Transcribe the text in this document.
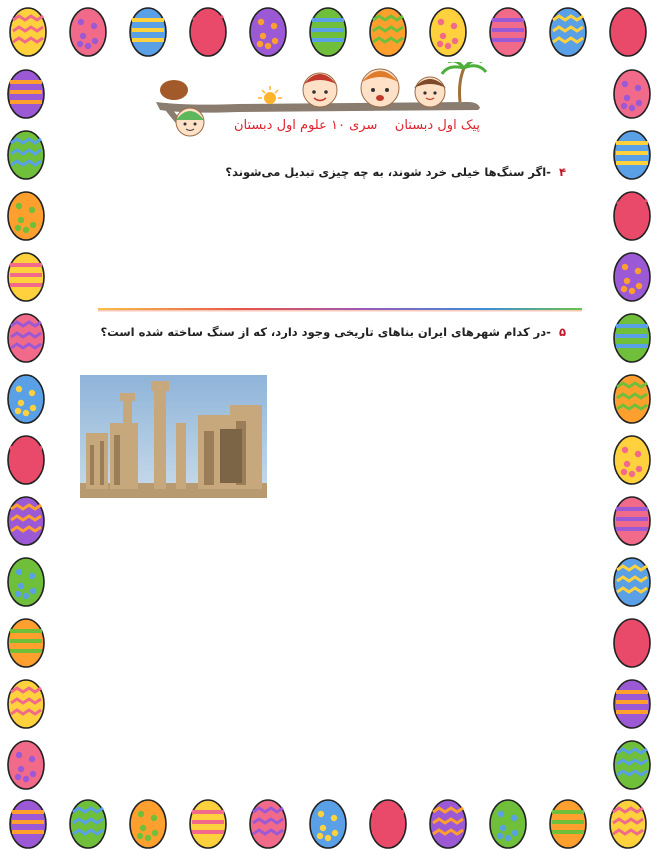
سری ۱۰ علوم اول دبستان پیک اول دبستان
۴ -اگر سنگ‌ها خیلی خرد شوند، به چه چیزی تبدیل می‌شوند؟
۵ -در کدام شهرهای ایران بناهای تاریخی وجود دارد، که از سنگ ساخته شده است؟
